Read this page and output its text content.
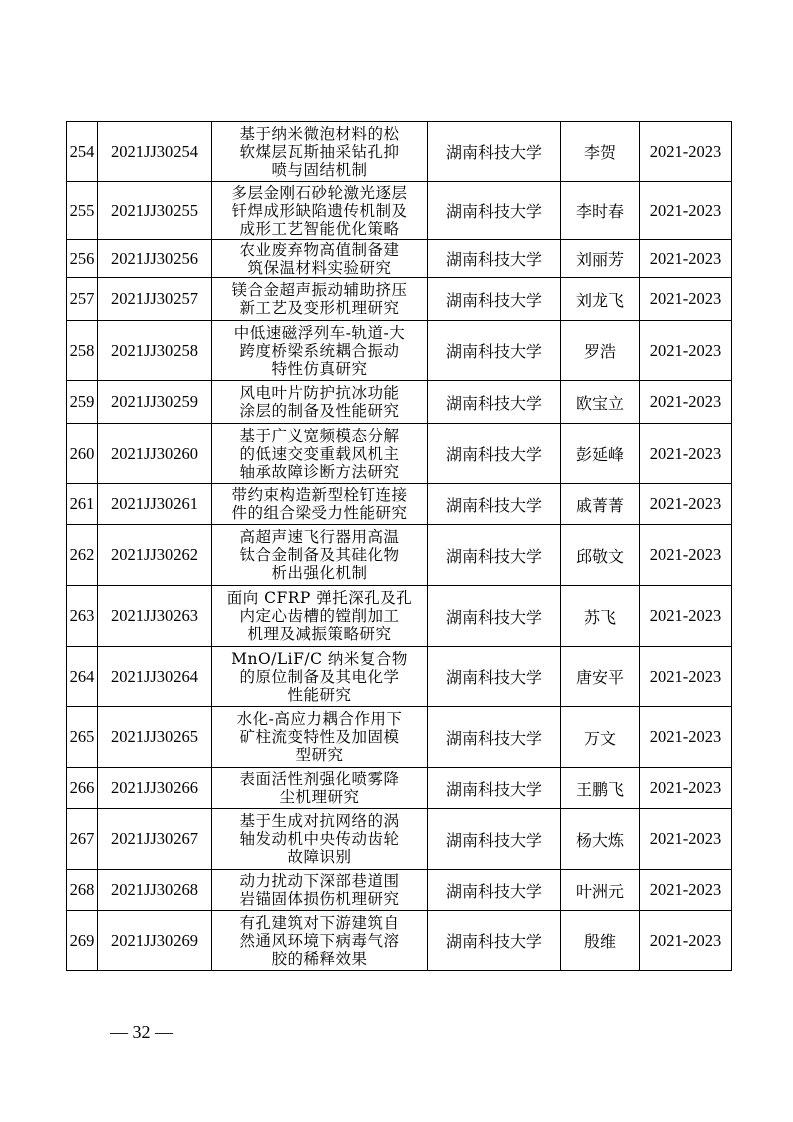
254	2021JJ30254	基于纳米微泡材料的松
软煤层瓦斯抽采钻孔抑
喷与固结机制	湖南科技大学	李贺	2021-2023
255	2021JJ30255	多层金刚石砂轮激光逐层
钎焊成形缺陷遗传机制及
成形工艺智能优化策略	湖南科技大学	李时春	2021-2023
256	2021JJ30256	农业废弃物高值制备建
筑保温材料实验研究	湖南科技大学	刘丽芳	2021-2023
257	2021JJ30257	镁合金超声振动辅助挤压
新工艺及变形机理研究	湖南科技大学	刘龙飞	2021-2023
258	2021JJ30258	中低速磁浮列车-轨道-大
跨度桥梁系统耦合振动
特性仿真研究	湖南科技大学	罗浩	2021-2023
259	2021JJ30259	风电叶片防护抗冰功能
涂层的制备及性能研究	湖南科技大学	欧宝立	2021-2023
260	2021JJ30260	基于广义宽频模态分解
的低速交变重载风机主
轴承故障诊断方法研究	湖南科技大学	彭延峰	2021-2023
261	2021JJ30261	带约束构造新型栓钉连接
件的组合梁受力性能研究	湖南科技大学	戚菁菁	2021-2023
262	2021JJ30262	高超声速飞行器用高温
钛合金制备及其硅化物
析出强化机制	湖南科技大学	邱敬文	2021-2023
263	2021JJ30263	面向 CFRP 弹托深孔及孔
内定心齿槽的镗削加工
机理及减振策略研究	湖南科技大学	苏飞	2021-2023
264	2021JJ30264	MnO/LiF/C 纳米复合物
的原位制备及其电化学
性能研究	湖南科技大学	唐安平	2021-2023
265	2021JJ30265	水化-高应力耦合作用下
矿柱流变特性及加固模
型研究	湖南科技大学	万文	2021-2023
266	2021JJ30266	表面活性剂强化喷雾降
尘机理研究	湖南科技大学	王鹏飞	2021-2023
267	2021JJ30267	基于生成对抗网络的涡
轴发动机中央传动齿轮
故障识别	湖南科技大学	杨大炼	2021-2023
268	2021JJ30268	动力扰动下深部巷道围
岩锚固体损伤机理研究	湖南科技大学	叶洲元	2021-2023
269	2021JJ30269	有孔建筑对下游建筑自
然通风环境下病毒气溶
胶的稀释效果	湖南科技大学	殷维	2021-2023
— 32 —
